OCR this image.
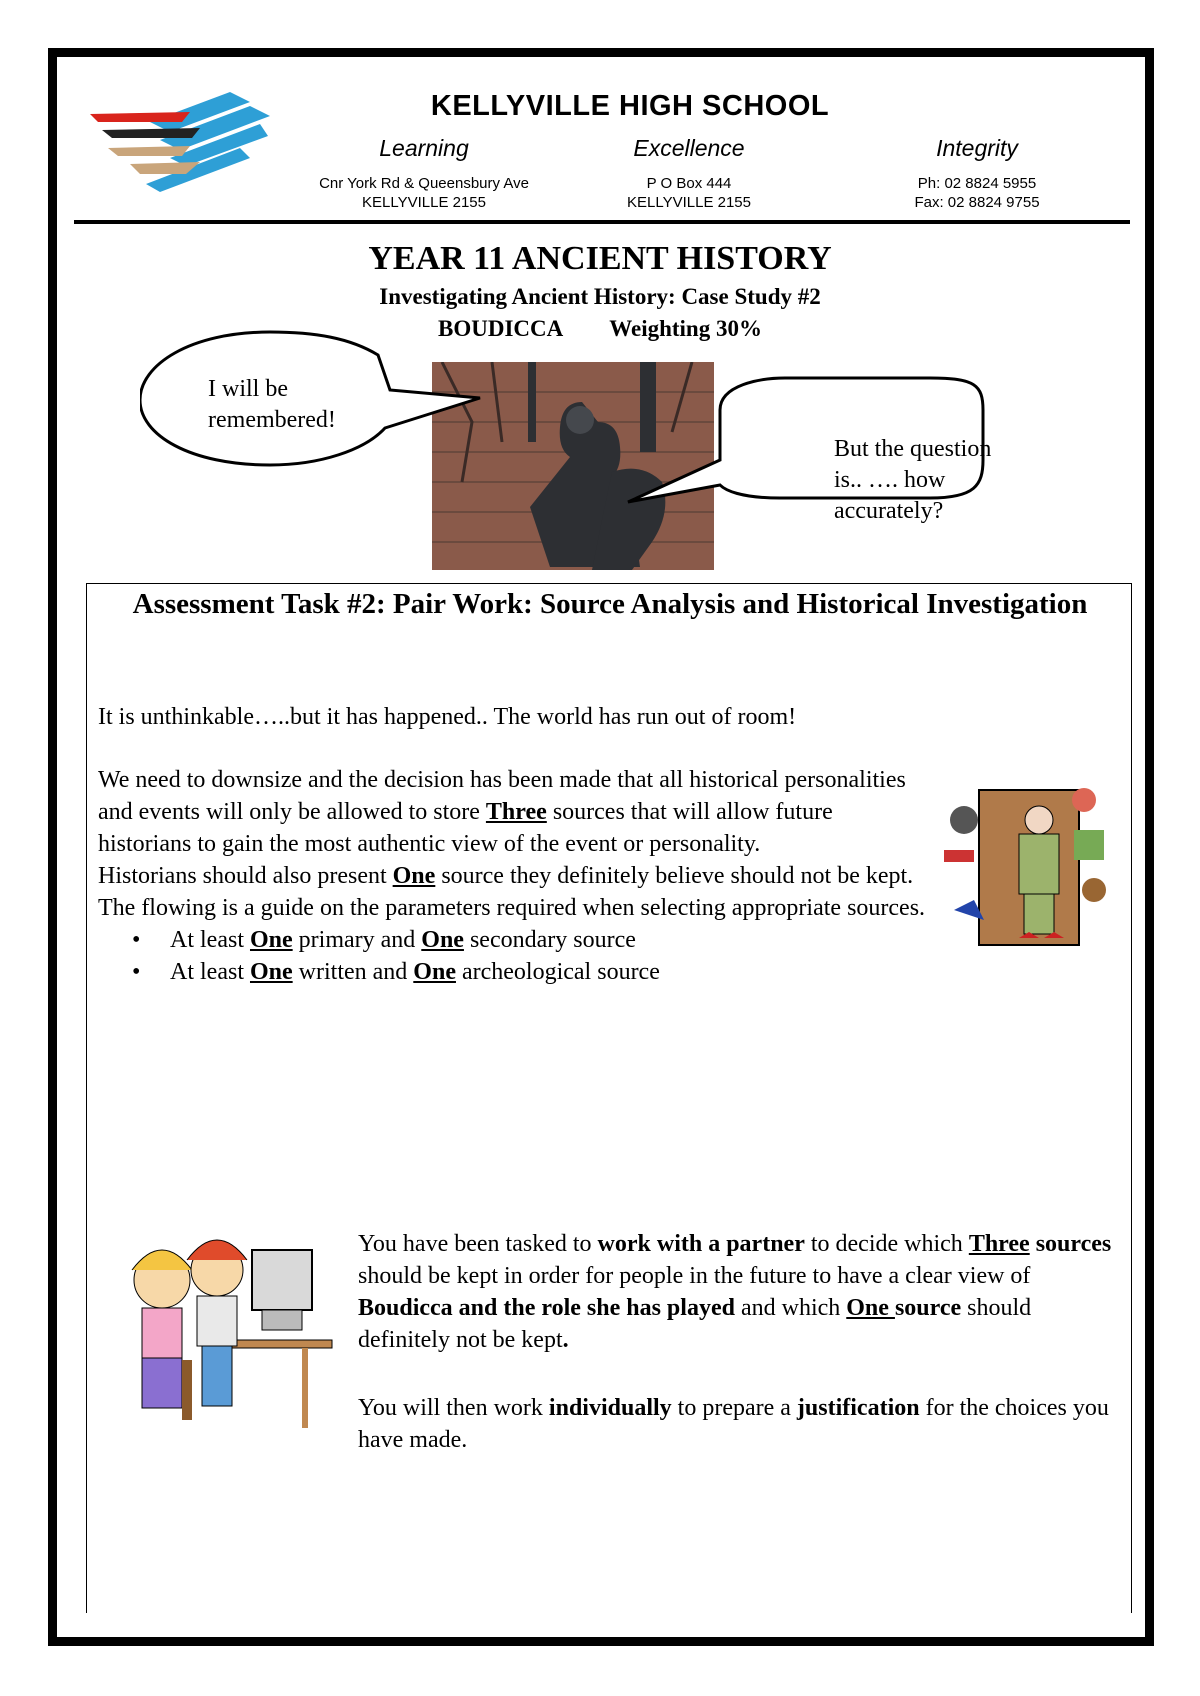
KELLYVILLE HIGH SCHOOL
Learning	Excellence	Integrity
Cnr York Rd & Queensbury Ave
KELLYVILLE 2155
P O Box 444
KELLYVILLE 2155
Ph: 02 8824 5955
Fax: 02 8824 9755
YEAR 11 ANCIENT HISTORY
Investigating Ancient History: Case Study #2
BOUDICCA Weighting 30%
I will be
remembered!
But the question
is.. …. how
accurately?
Assessment Task #2: Pair Work: Source Analysis and Historical Investigation
It is unthinkable…..but it has happened.. The world has run out of room!

We need to downsize and the decision has been made that all historical personalities and events will only be allowed to store Three sources that will allow future historians to gain the most authentic view of the event or personality.

Historians should also present One source they definitely believe should not be kept.

The flowing is a guide on the parameters required when selecting appropriate sources.

• At least One primary and One secondary source
• At least One written and One archeological source

You have been tasked to work with a partner to decide which Three sources should be kept in order for people in the future to have a clear view of Boudicca and the role she has played and which One source should definitely not be kept.

You will then work individually to prepare a justification for the choices you have made.
